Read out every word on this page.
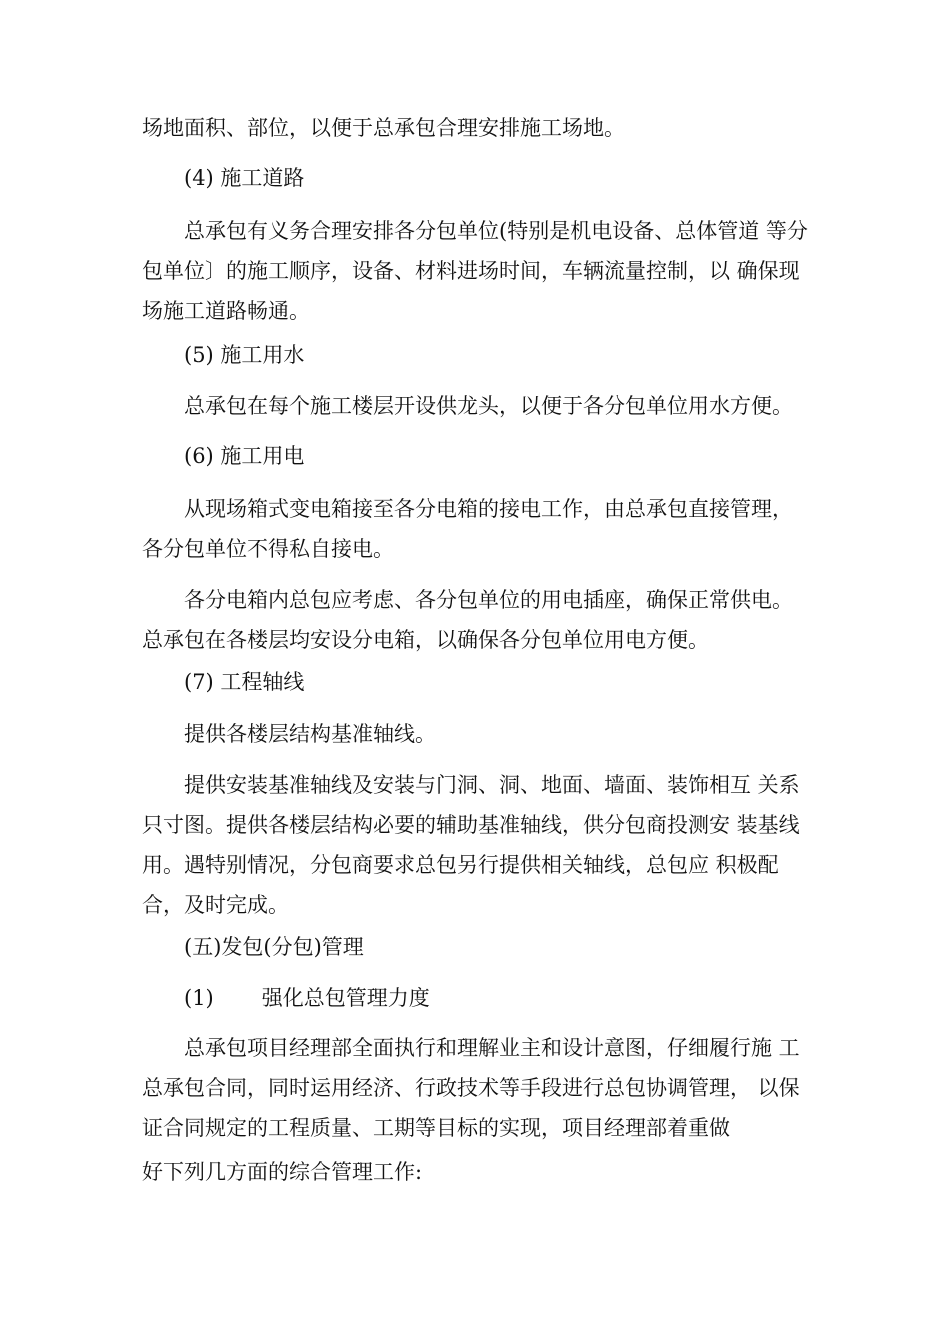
场地面积、部位，以便于总承包合理安排施工场地。

(4) 施工道路

总承包有义务合理安排各分包单位(特别是机电设备、总体管道 等分
包单位〕的施工顺序，设备、材料进场时间，车辆流量控制，以 确保现
场施工道路畅通。

(5) 施工用水

总承包在每个施工楼层开设供龙头，以便于各分包单位用水方便。

(6) 施工用电

从现场箱式变电箱接至各分电箱的接电工作，由总承包直接管理，
各分包单位不得私自接电。

各分电箱内总包应考虑、各分包单位的用电插座，确保正常供电。
总承包在各楼层均安设分电箱，以确保各分包单位用电方便。

(7) 工程轴线

提供各楼层结构基准轴线。

提供安装基准轴线及安装与门洞、洞、地面、墙面、装饰相互 关系
只寸图。提供各楼层结构必要的辅助基准轴线，供分包商投测安 装基线
用。遇特别情况，分包商要求总包另行提供相关轴线，总包应 积极配
合，及时完成。

(五)发包(分包)管理

(1) 强化总包管理力度

总承包项目经理部全面执行和理解业主和设计意图，仔细履行施 工
总承包合同，同时运用经济、行政技术等手段进行总包协调管理， 以保
证合同规定的工程质量、工期等目标的实现，项目经理部着重做

好下列几方面的综合管理工作:
